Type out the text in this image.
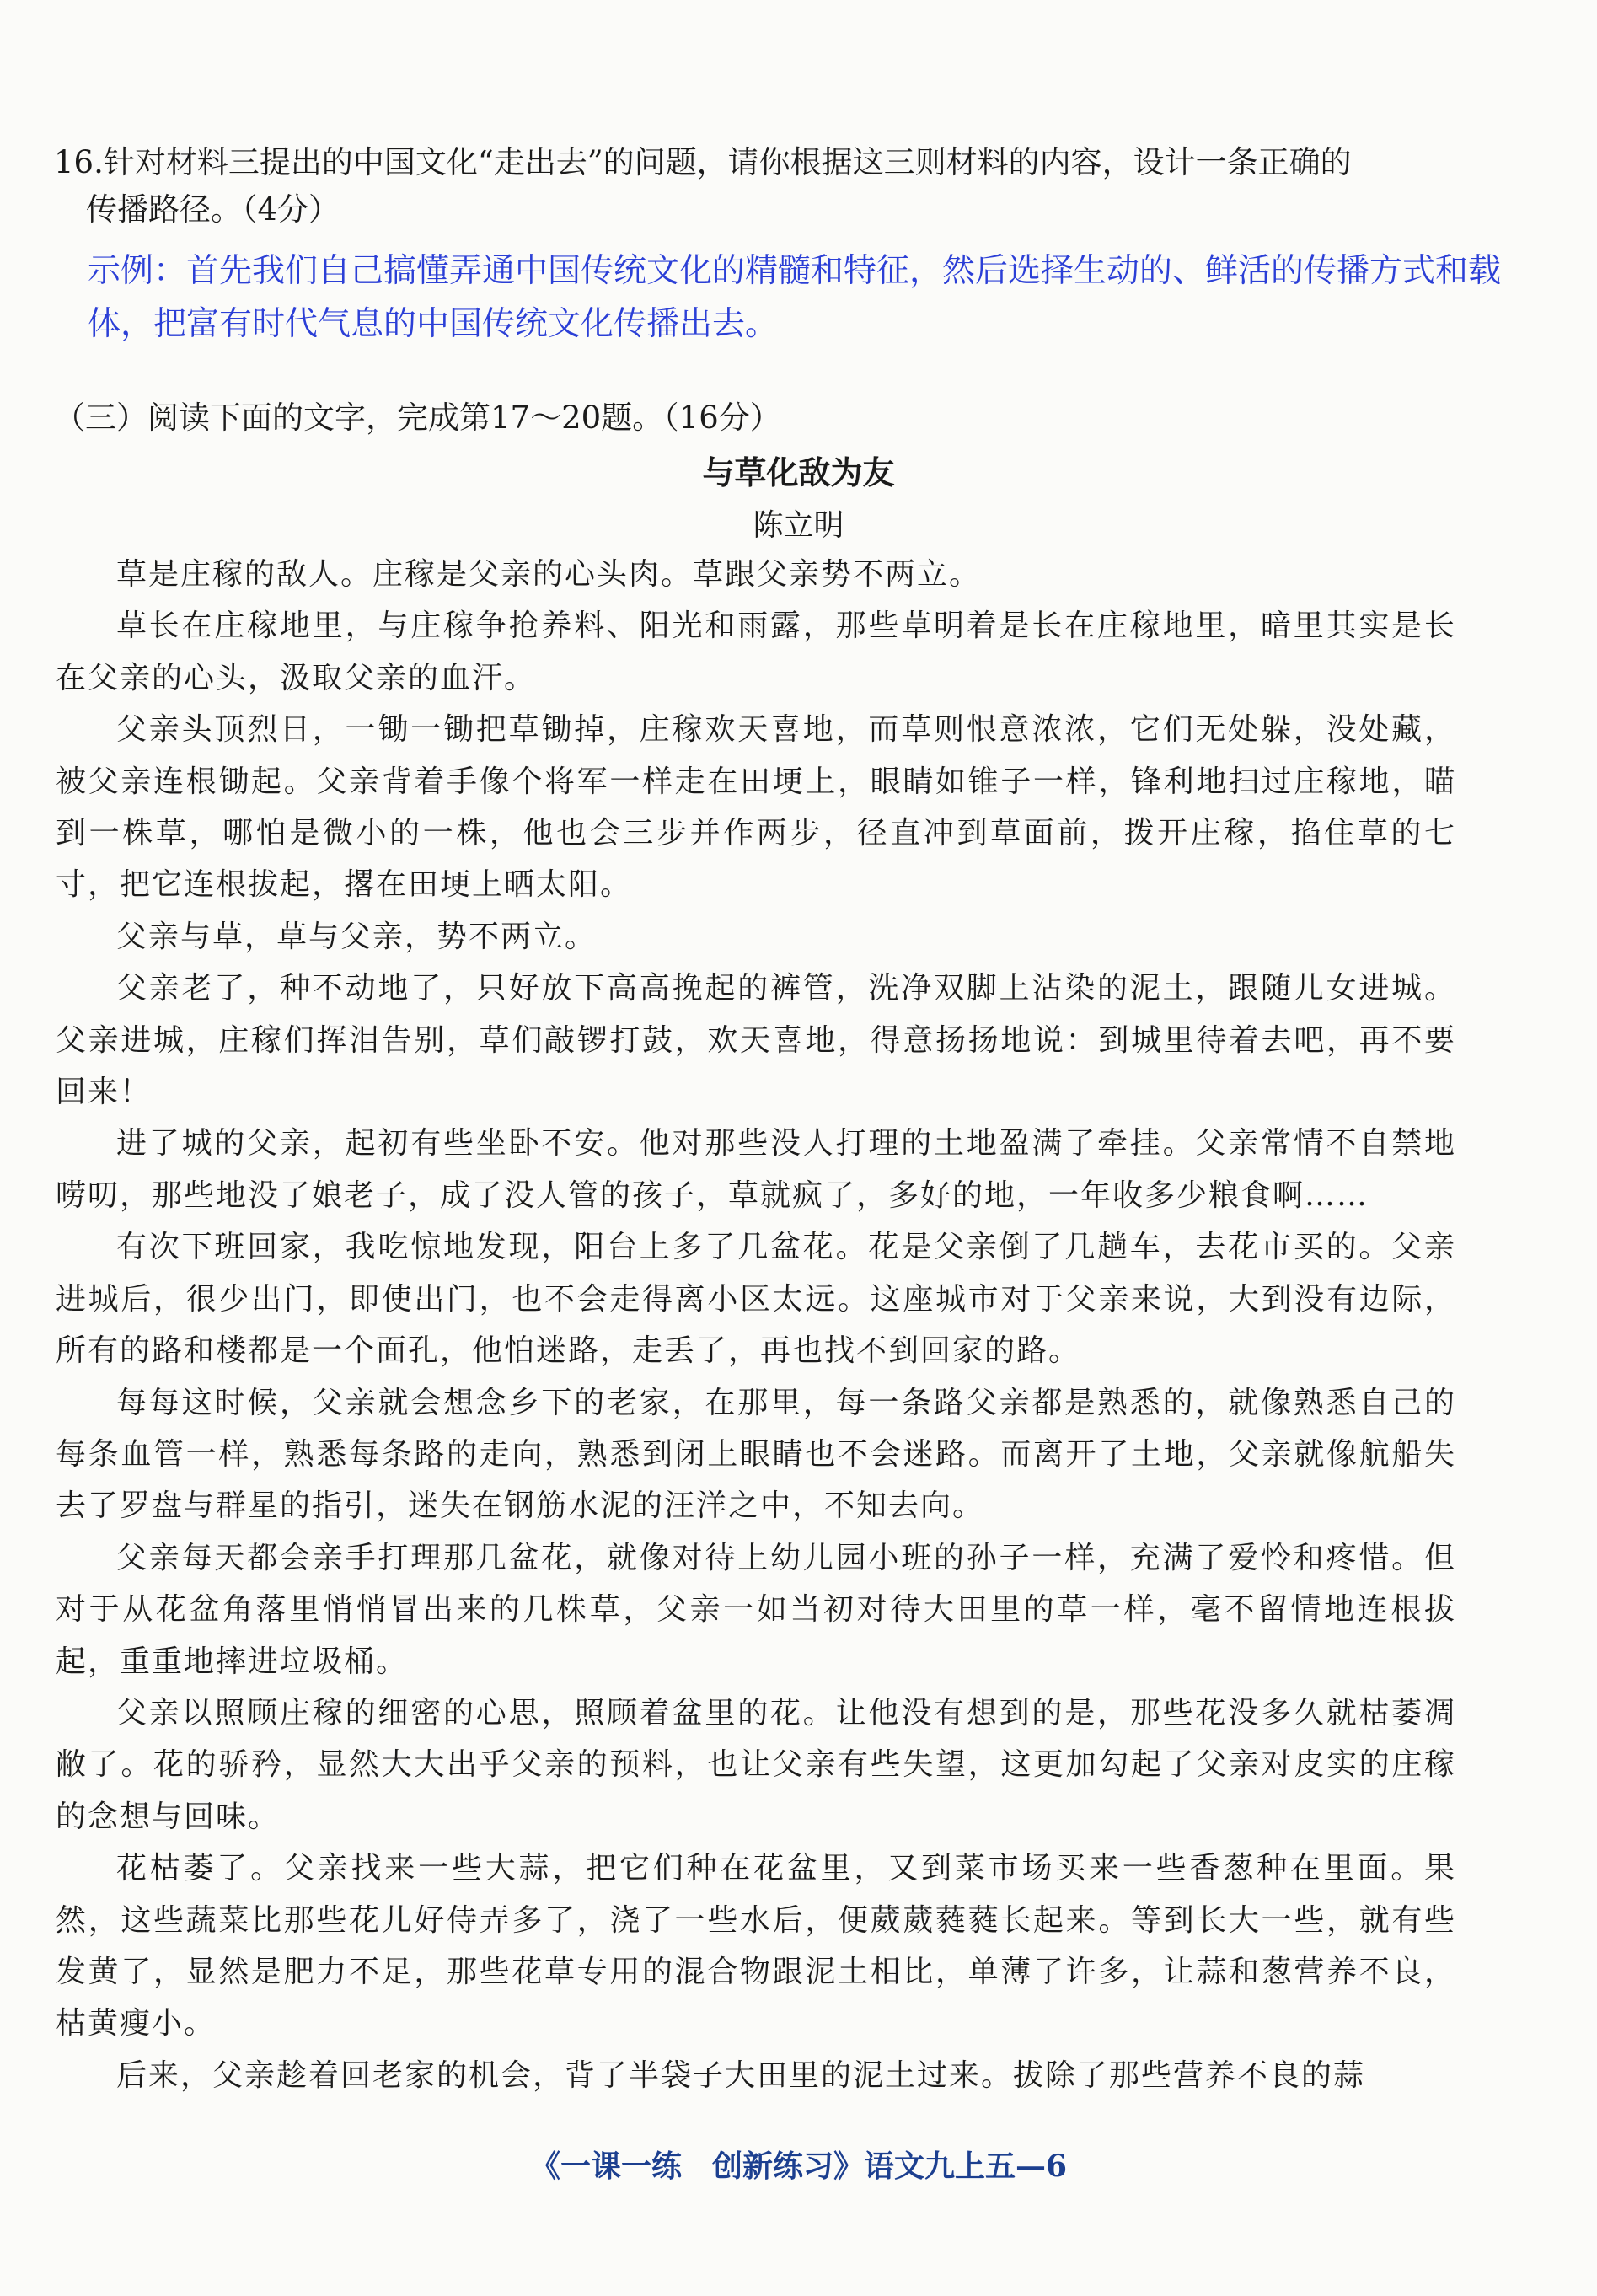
16.针对材料三提出的中国文化“走出去”的问题，请你根据这三则材料的内容，设计一条正确的
传播路径。（4分）
示例：首先我们自己搞懂弄通中国传统文化的精髓和特征，然后选择生动的、鲜活的传播方式和载体，把富有时代气息的中国传统文化传播出去。
（三）阅读下面的文字，完成第17～20题。（16分）
与草化敌为友
陈立明

草是庄稼的敌人。庄稼是父亲的心头肉。草跟父亲势不两立。

草长在庄稼地里，与庄稼争抢养料、阳光和雨露，那些草明着是长在庄稼地里，暗里其实是长在父亲的心头，汲取父亲的血汗。

父亲头顶烈日，一锄一锄把草锄掉，庄稼欢天喜地，而草则恨意浓浓，它们无处躲，没处藏，被父亲连根锄起。父亲背着手像个将军一样走在田埂上，眼睛如锥子一样，锋利地扫过庄稼地，瞄到一株草，哪怕是微小的一株，他也会三步并作两步，径直冲到草面前，拨开庄稼，掐住草的七寸，把它连根拔起，撂在田埂上晒太阳。

父亲与草，草与父亲，势不两立。

父亲老了，种不动地了，只好放下高高挽起的裤管，洗净双脚上沾染的泥土，跟随儿女进城。父亲进城，庄稼们挥泪告别，草们敲锣打鼓，欢天喜地，得意扬扬地说：到城里待着去吧，再不要回来！

进了城的父亲，起初有些坐卧不安。他对那些没人打理的土地盈满了牵挂。父亲常情不自禁地唠叨，那些地没了娘老子，成了没人管的孩子，草就疯了，多好的地，一年收多少粮食啊……

有次下班回家，我吃惊地发现，阳台上多了几盆花。花是父亲倒了几趟车，去花市买的。父亲进城后，很少出门，即使出门，也不会走得离小区太远。这座城市对于父亲来说，大到没有边际，所有的路和楼都是一个面孔，他怕迷路，走丢了，再也找不到回家的路。

每每这时候，父亲就会想念乡下的老家，在那里，每一条路父亲都是熟悉的，就像熟悉自己的每条血管一样，熟悉每条路的走向，熟悉到闭上眼睛也不会迷路。而离开了土地，父亲就像航船失去了罗盘与群星的指引，迷失在钢筋水泥的汪洋之中，不知去向。

父亲每天都会亲手打理那几盆花，就像对待上幼儿园小班的孙子一样，充满了爱怜和疼惜。但对于从花盆角落里悄悄冒出来的几株草，父亲一如当初对待大田里的草一样，毫不留情地连根拔起，重重地摔进垃圾桶。

父亲以照顾庄稼的细密的心思，照顾着盆里的花。让他没有想到的是，那些花没多久就枯萎凋敝了。花的骄矜，显然大大出乎父亲的预料，也让父亲有些失望，这更加勾起了父亲对皮实的庄稼的念想与回味。

花枯萎了。父亲找来一些大蒜，把它们种在花盆里，又到菜市场买来一些香葱种在里面。果然，这些蔬菜比那些花儿好侍弄多了，浇了一些水后，便葳葳蕤蕤长起来。等到长大一些，就有些发黄了，显然是肥力不足，那些花草专用的混合物跟泥土相比，单薄了许多，让蒜和葱营养不良，枯黄瘦小。

后来，父亲趁着回老家的机会，背了半袋子大田里的泥土过来。拔除了那些营养不良的蒜

《一课一练　创新练习》语文九上五—6
